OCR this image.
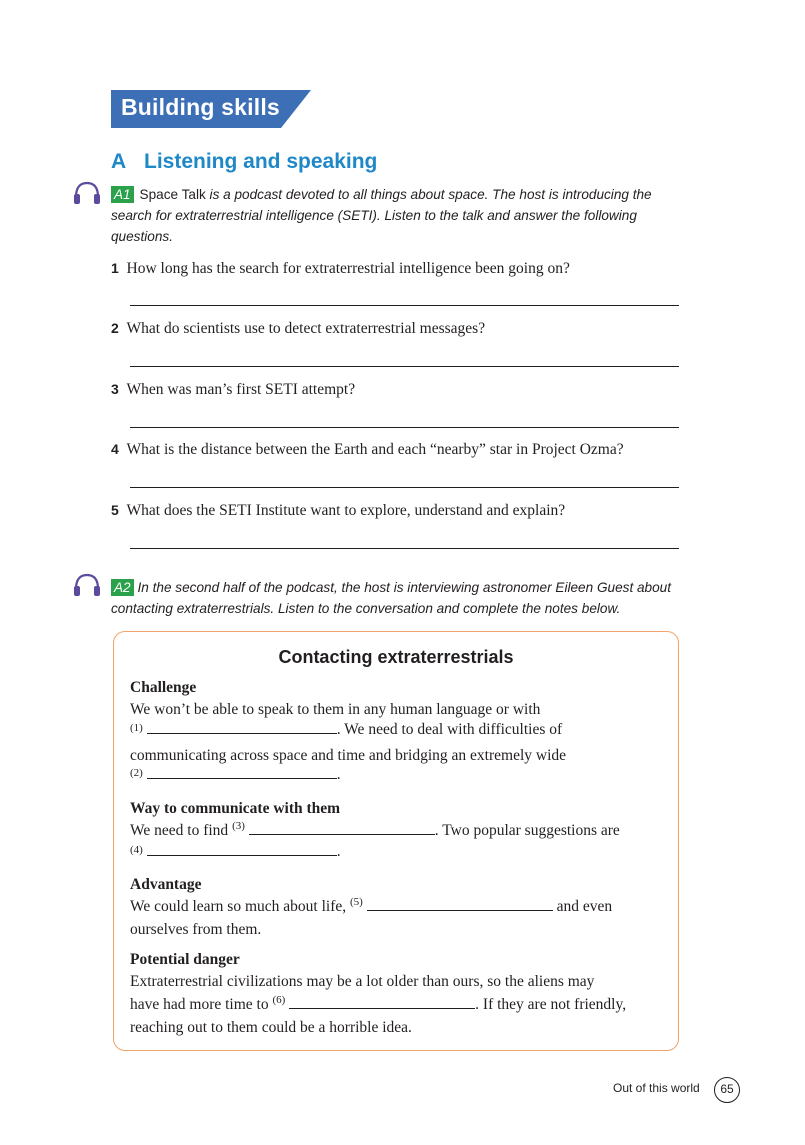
Building skills
A Listening and speaking
A1 Space Talk is a podcast devoted to all things about space. The host is introducing the
search for extraterrestrial intelligence (SETI). Listen to the talk and answer the following
questions.
1 How long has the search for extraterrestrial intelligence been going on?
2 What do scientists use to detect extraterrestrial messages?
3 When was man’s first SETI attempt?
4 What is the distance between the Earth and each “nearby” star in Project Ozma?
5 What does the SETI Institute want to explore, understand and explain?
A2 In the second half of the podcast, the host is interviewing astronomer Eileen Guest about
contacting extraterrestrials. Listen to the conversation and complete the notes below.
Contacting extraterrestrials
Challenge
We won’t be able to speak to them in any human language or with
(1)	. We need to deal with difficulties of
communicating across space and time and bridging an extremely wide
(2)	.
Way to communicate with them
We need to find $^{(3)}$	. Two popular suggestions are
(4)	.
Advantage
We could learn so much about life, $^{(5)}$	and even
ourselves from them.
Potential danger
Extraterrestrial civilizations may be a lot older than ours, so the aliens may
have had more time to $^{(6)}$	. If they are not friendly,
reaching out to them could be a horrible idea.
Out of this world	65
